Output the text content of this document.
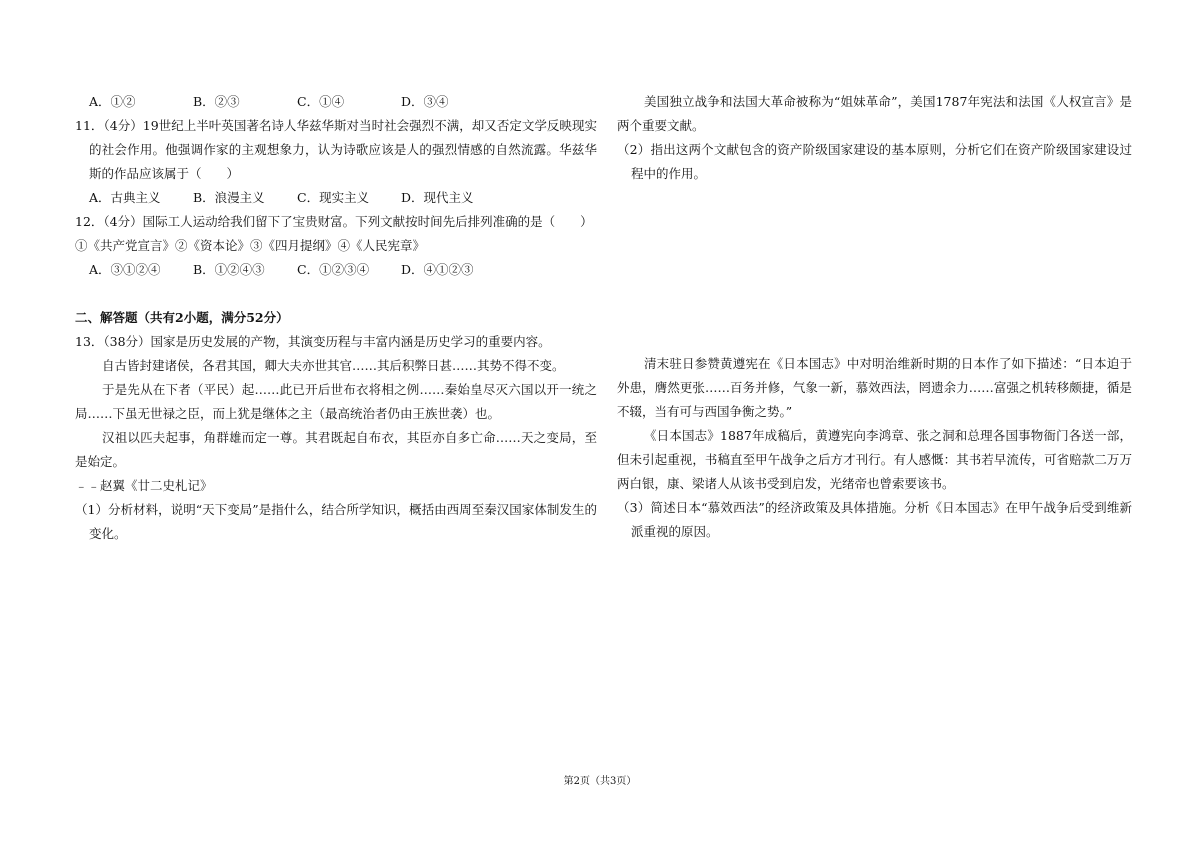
A．①②	B．②③	C．①④	D．③④
11．（4分）19世纪上半叶英国著名诗人华兹华斯对当时社会强烈不满，却又否定文学反映现实的社会作用。他强调作家的主观想象力，认为诗歌应该是人的强烈情感的自然流露。华兹华斯的作品应该属于（　　）
A．古典主义	B．浪漫主义	C．现实主义	D．现代主义
12．（4分）国际工人运动给我们留下了宝贵财富。下列文献按时间先后排列准确的是（　　）
①《共产党宣言》②《资本论》③《四月提纲》④《人民宪章》
A．③①②④	B．①②④③	C．①②③④	D．④①②③
二、解答题（共有2小题，满分52分）
13．（38分）国家是历史发展的产物，其演变历程与丰富内涵是历史学习的重要内容。
自古皆封建诸侯，各君其国，卿大夫亦世其官……其后积弊日甚……其势不得不变。
于是先从在下者（平民）起……此已开后世布衣将相之例……秦始皇尽灭六国以开一统之局……下虽无世禄之臣，而上犹是继体之主（最高统治者仍由王族世袭）也。
汉祖以匹夫起事，角群雄而定一尊。其君既起自布衣，其臣亦自多亡命……天之变局，至是始定。
﹣﹣赵翼《廿二史札记》
（1）分析材料，说明“天下变局”是指什么，结合所学知识，概括由西周至秦汉国家体制发生的变化。
美国独立战争和法国大革命被称为“姐妹革命”，美国1787年宪法和法国《人权宣言》是两个重要文献。
（2）指出这两个文献包含的资产阶级国家建设的基本原则，分析它们在资产阶级国家建设过程中的作用。
清末驻日参赞黄遵宪在《日本国志》中对明治维新时期的日本作了如下描述：“日本迫于外患，膺然更张……百务并修，气象一新，慕效西法，罔遗余力……富强之机转移颇捷，循是不辍，当有可与西国争衡之势。”
《日本国志》1887年成稿后，黄遵宪向李鸿章、张之洞和总理各国事物衙门各送一部，但未引起重视，书稿直至甲午战争之后方才刊行。有人感慨：其书若早流传，可省赔款二万万两白银，康、梁诸人从该书受到启发，光绪帝也曾索要该书。
（3）简述日本“慕效西法”的经济政策及具体措施。分析《日本国志》在甲午战争后受到维新派重视的原因。
第2页（共3页）
